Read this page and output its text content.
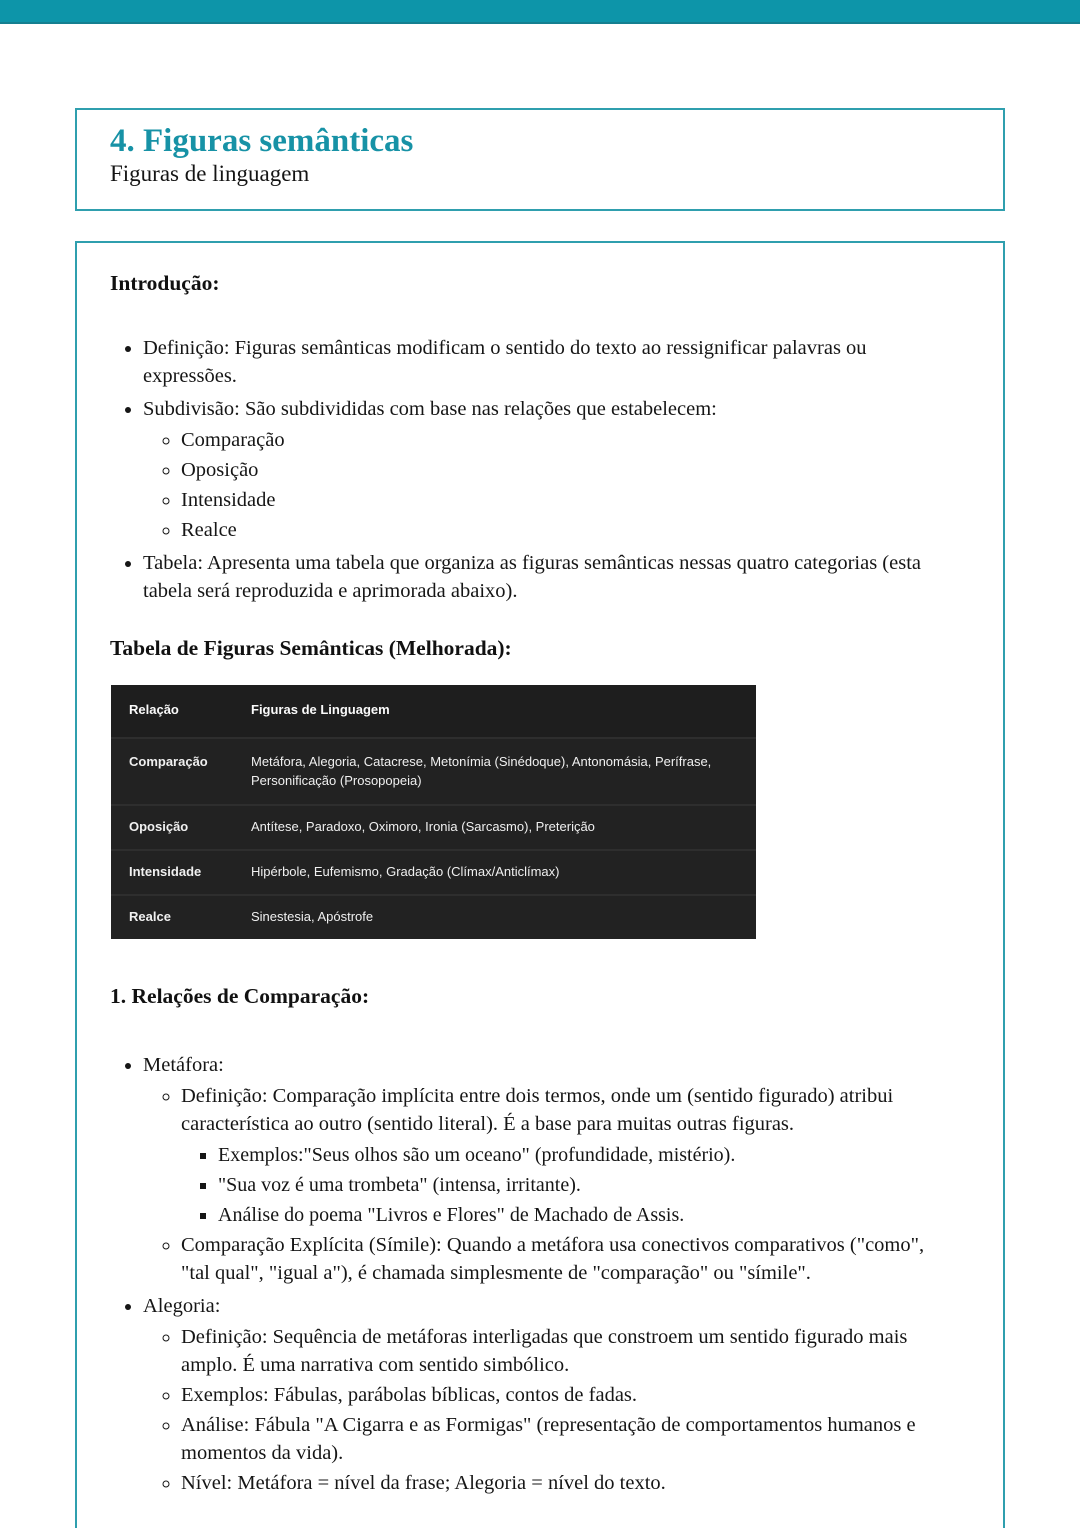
4. Figuras semânticas

Figuras de linguagem

Introdução:
• Definição: Figuras semânticas modificam o sentido do texto ao ressignificar palavras ou expressões.
• Subdivisão: São subdivididas com base nas relações que estabelecem:
◦ Comparação
◦ Oposição
◦ Intensidade
◦ Realce
• Tabela: Apresenta uma tabela que organiza as figuras semânticas nessas quatro categorias (esta tabela será reproduzida e aprimorada abaixo).
Tabela de Figuras Semânticas (Melhorada):
Relação	Figuras de Linguagem
Comparação	Metáfora, Alegoria, Catacrese, Metonímia (Sinédoque), Antonomásia, Perífrase, Personificação (Prosopopeia)
Oposição	Antítese, Paradoxo, Oximoro, Ironia (Sarcasmo), Preterição
Intensidade	Hipérbole, Eufemismo, Gradação (Clímax/Anticlímax)
Realce	Sinestesia, Apóstrofe
1. Relações de Comparação:
• Metáfora:
◦ Definição: Comparação implícita entre dois termos, onde um (sentido figurado) atribui característica ao outro (sentido literal). É a base para muitas outras figuras.
▪ Exemplos:"Seus olhos são um oceano" (profundidade, mistério).
▪ "Sua voz é uma trombeta" (intensa, irritante).
▪ Análise do poema "Livros e Flores" de Machado de Assis.
◦ Comparação Explícita (Símile): Quando a metáfora usa conectivos comparativos ("como", "tal qual", "igual a"), é chamada simplesmente de "comparação" ou "símile".
• Alegoria:
◦ Definição: Sequência de metáforas interligadas que constroem um sentido figurado mais amplo. É uma narrativa com sentido simbólico.
◦ Exemplos: Fábulas, parábolas bíblicas, contos de fadas.
◦ Análise: Fábula "A Cigarra e as Formigas" (representação de comportamentos humanos e momentos da vida).
◦ Nível: Metáfora = nível da frase; Alegoria = nível do texto.
